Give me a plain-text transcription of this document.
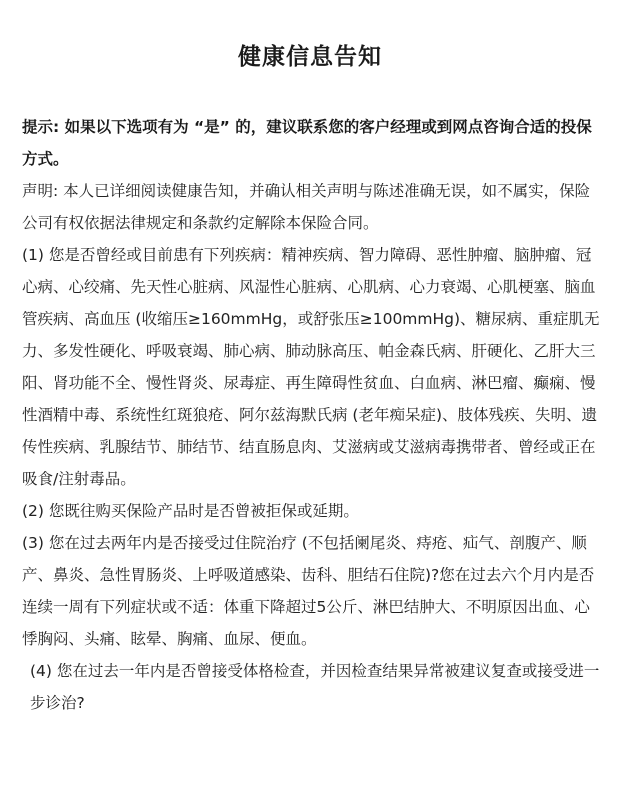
健康信息告知

提示: 如果以下选项有为 “是” 的，建议联系您的客户经理或到网点咨询合适的投保方式。

声明: 本人已详细阅读健康告知，并确认相关声明与陈述准确无误，如不属实，保险公司有权依据法律规定和条款约定解除本保险合同。

(1) 您是否曾经或目前患有下列疾病：精神疾病、智力障碍、恶性肿瘤、脑肿瘤、冠心病、心绞痛、先天性心脏病、风湿性心脏病、心肌病、心力衰竭、心肌梗塞、脑血管疾病、高血压 (收缩压≥160mmHg，或舒张压≥100mmHg)、糖尿病、重症肌无力、多发性硬化、呼吸衰竭、肺心病、肺动脉高压、帕金森氏病、肝硬化、乙肝大三阳、肾功能不全、慢性肾炎、尿毒症、再生障碍性贫血、白血病、淋巴瘤、癫痫、慢性酒精中毒、系统性红斑狼疮、阿尔兹海默氏病 (老年痴呆症)、肢体残疾、失明、遗传性疾病、乳腺结节、肺结节、结直肠息肉、艾滋病或艾滋病毒携带者、曾经或正在吸食/注射毒品。

(2) 您既往购买保险产品时是否曾被拒保或延期。

(3) 您在过去两年内是否接受过住院治疗 (不包括阑尾炎、痔疮、疝气、剖腹产、顺产、鼻炎、急性胃肠炎、上呼吸道感染、齿科、胆结石住院)?您在过去六个月内是否连续一周有下列症状或不适：体重下降超过5公斤、淋巴结肿大、不明原因出血、心悸胸闷、头痛、眩晕、胸痛、血尿、便血。

(4) 您在过去一年内是否曾接受体格检查，并因检查结果异常被建议复查或接受进一步诊治?
